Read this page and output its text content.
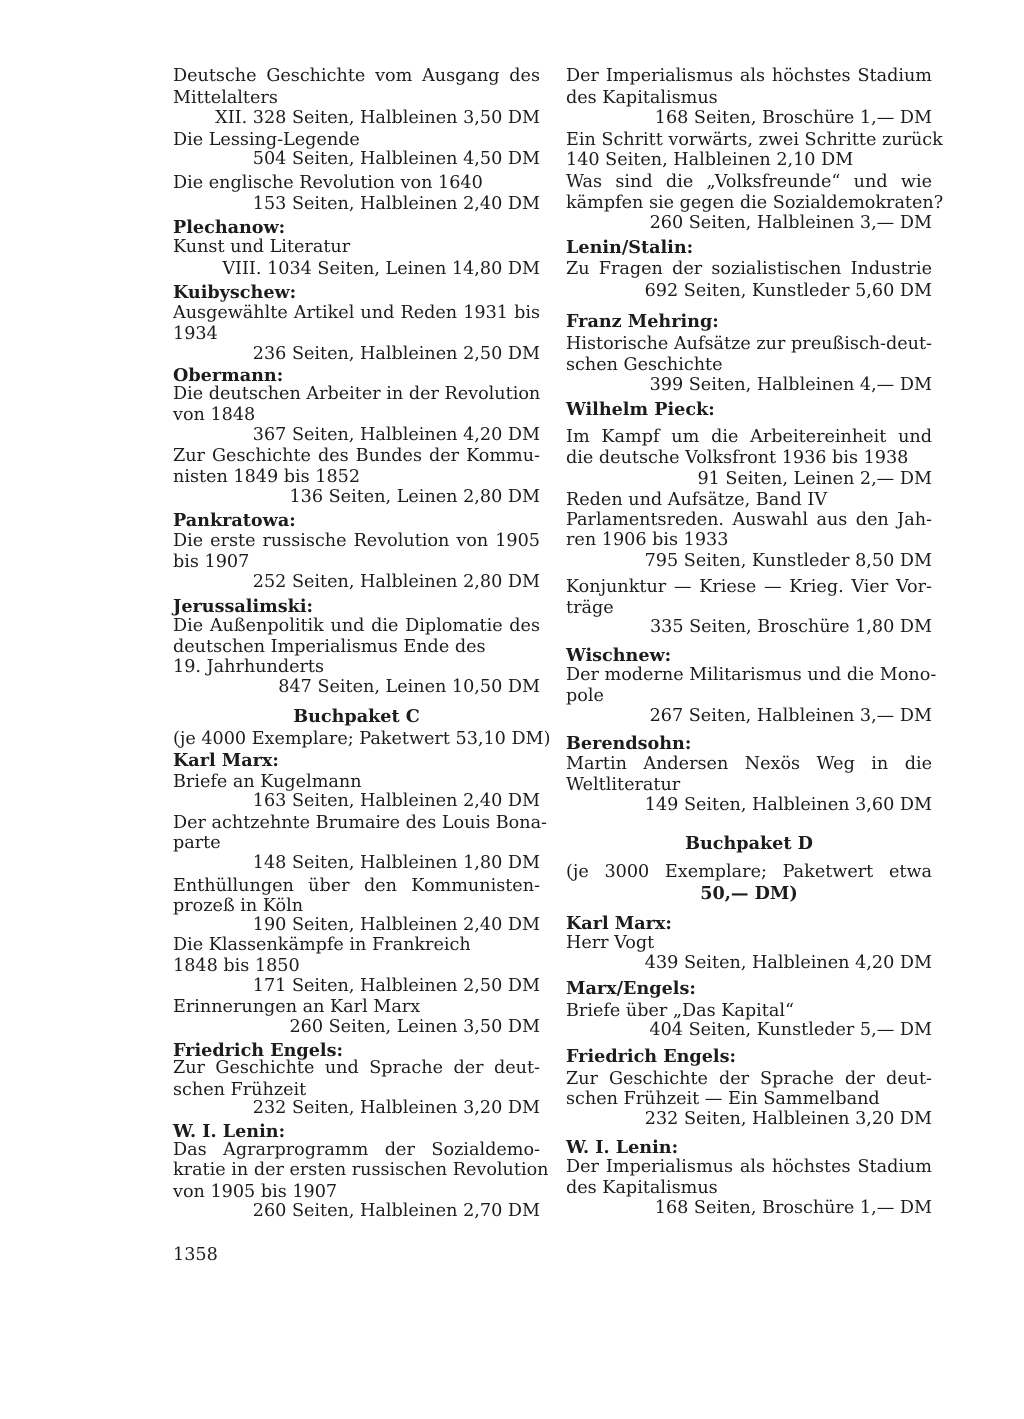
Deutsche Geschichte vom Ausgang des
Mittelalters
XII. 328 Seiten, Halbleinen 3,50 DM
Die Lessing-Legende
504 Seiten, Halbleinen 4,50 DM
Die englische Revolution von 1640
153 Seiten, Halbleinen 2,40 DM
Plechanow:
Kunst und Literatur
VIII. 1034 Seiten, Leinen 14,80 DM
Kuibyschew:
Ausgewählte Artikel und Reden 1931 bis
1934
236 Seiten, Halbleinen 2,50 DM
Obermann:
Die deutschen Arbeiter in der Revolution
von 1848
367 Seiten, Halbleinen 4,20 DM
Zur Geschichte des Bundes der Kommu-
nisten 1849 bis 1852
136 Seiten, Leinen 2,80 DM
Pankratowa:
Die erste russische Revolution von 1905
bis 1907
252 Seiten, Halbleinen 2,80 DM
Jerussalimski:
Die Außenpolitik und die Diplomatie des
deutschen Imperialismus Ende des
19. Jahrhunderts
847 Seiten, Leinen 10,50 DM
Buchpaket C
(je 4000 Exemplare; Paketwert 53,10 DM)
Karl Marx:
Briefe an Kugelmann
163 Seiten, Halbleinen 2,40 DM
Der achtzehnte Brumaire des Louis Bona-
parte
148 Seiten, Halbleinen 1,80 DM
Enthüllungen über den Kommunisten-
prozeß in Köln
190 Seiten, Halbleinen 2,40 DM
Die Klassenkämpfe in Frankreich
1848 bis 1850
171 Seiten, Halbleinen 2,50 DM
Erinnerungen an Karl Marx
260 Seiten, Leinen 3,50 DM
Friedrich Engels:
Zur Geschichte und Sprache der deut-
schen Frühzeit
232 Seiten, Halbleinen 3,20 DM
W. I. Lenin:
Das Agrarprogramm der Sozialdemo-
kratie in der ersten russischen Revolution
von 1905 bis 1907
260 Seiten, Halbleinen 2,70 DM
Der Imperialismus als höchstes Stadium
des Kapitalismus
168 Seiten, Broschüre 1,— DM
Ein Schritt vorwärts, zwei Schritte zurück
140 Seiten, Halbleinen 2,10 DM
Was sind die „Volksfreunde“ und wie
kämpfen sie gegen die Sozialdemokraten?
260 Seiten, Halbleinen 3,— DM
Lenin/Stalin:
Zu Fragen der sozialistischen Industrie
692 Seiten, Kunstleder 5,60 DM
Franz Mehring:
Historische Aufsätze zur preußisch-deut-
schen Geschichte
399 Seiten, Halbleinen 4,— DM
Wilhelm Pieck:
Im Kampf um die Arbeitereinheit und
die deutsche Volksfront 1936 bis 1938
91 Seiten, Leinen 2,— DM
Reden und Aufsätze, Band IV
Parlamentsreden. Auswahl aus den Jah-
ren 1906 bis 1933
795 Seiten, Kunstleder 8,50 DM
Konjunktur — Kriese — Krieg. Vier Vor-
träge
335 Seiten, Broschüre 1,80 DM
Wischnew:
Der moderne Militarismus und die Mono-
pole
267 Seiten, Halbleinen 3,— DM
Berendsohn:
Martin Andersen Nexös Weg in die
Weltliteratur
149 Seiten, Halbleinen 3,60 DM
Buchpaket D
(je 3000 Exemplare; Paketwert etwa
50,— DM)
Karl Marx:
Herr Vogt
439 Seiten, Halbleinen 4,20 DM
Marx/Engels:
Briefe über „Das Kapital“
404 Seiten, Kunstleder 5,— DM
Friedrich Engels:
Zur Geschichte der Sprache der deut-
schen Frühzeit — Ein Sammelband
232 Seiten, Halbleinen 3,20 DM
W. I. Lenin:
Der Imperialismus als höchstes Stadium
des Kapitalismus
168 Seiten, Broschüre 1,— DM
1358
